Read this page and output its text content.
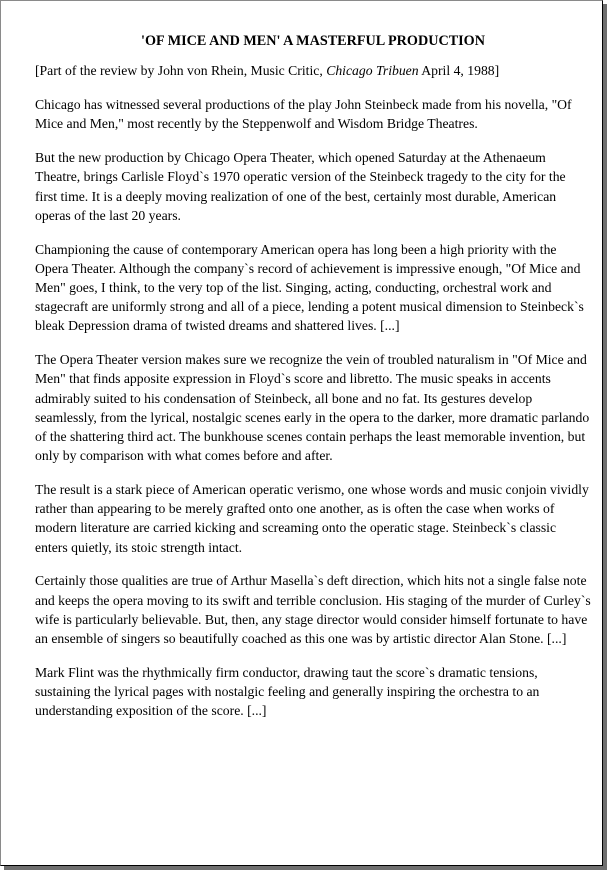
'OF MICE AND MEN' A MASTERFUL PRODUCTION

[Part of the review by John von Rhein, Music Critic, Chicago Tribuen April 4, 1988]

Chicago has witnessed several productions of the play John Steinbeck made from his novella, "Of Mice and Men," most recently by the Steppenwolf and Wisdom Bridge Theatres.

But the new production by Chicago Opera Theater, which opened Saturday at the Athenaeum Theatre, brings Carlisle Floyd`s 1970 operatic version of the Steinbeck tragedy to the city for the first time. It is a deeply moving realization of one of the best, certainly most durable, American operas of the last 20 years.

Championing the cause of contemporary American opera has long been a high priority with the Opera Theater. Although the company`s record of achievement is impressive enough, "Of Mice and Men" goes, I think, to the very top of the list. Singing, acting, conducting, orchestral work and stagecraft are uniformly strong and all of a piece, lending a potent musical dimension to Steinbeck`s bleak Depression drama of twisted dreams and shattered lives. [...]

The Opera Theater version makes sure we recognize the vein of troubled naturalism in "Of Mice and Men" that finds apposite expression in Floyd`s score and libretto. The music speaks in accents admirably suited to his condensation of Steinbeck, all bone and no fat. Its gestures develop seamlessly, from the lyrical, nostalgic scenes early in the opera to the darker, more dramatic parlando of the shattering third act. The bunkhouse scenes contain perhaps the least memorable invention, but only by comparison with what comes before and after.

The result is a stark piece of American operatic verismo, one whose words and music conjoin vividly rather than appearing to be merely grafted onto one another, as is often the case when works of modern literature are carried kicking and screaming onto the operatic stage. Steinbeck`s classic enters quietly, its stoic strength intact.

Certainly those qualities are true of Arthur Masella`s deft direction, which hits not a single false note and keeps the opera moving to its swift and terrible conclusion. His staging of the murder of Curley`s wife is particularly believable. But, then, any stage director would consider himself fortunate to have an ensemble of singers so beautifully coached as this one was by artistic director Alan Stone. [...]

Mark Flint was the rhythmically firm conductor, drawing taut the score`s dramatic tensions, sustaining the lyrical pages with nostalgic feeling and generally inspiring the orchestra to an understanding exposition of the score. [...]
